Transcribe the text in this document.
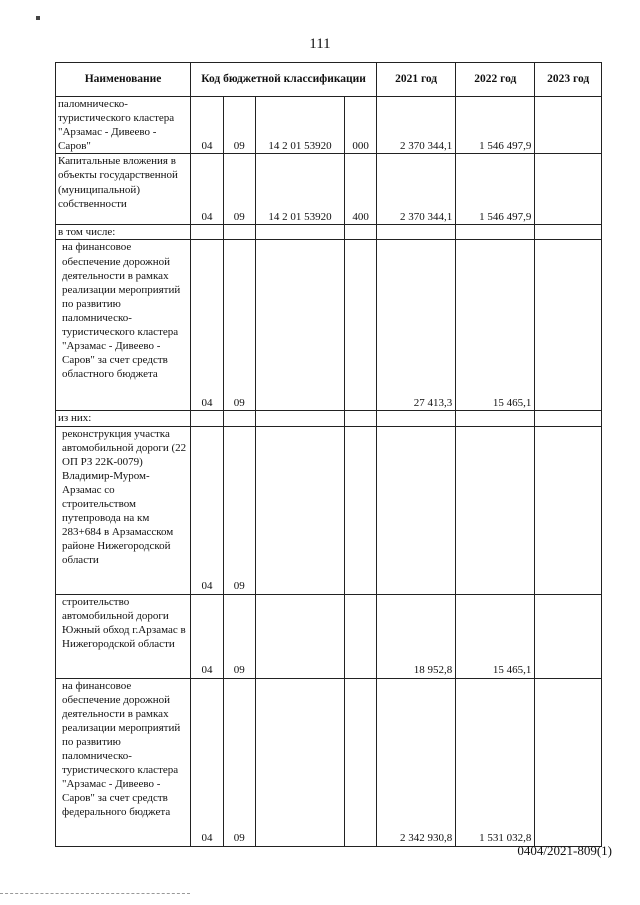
111
Наименование	Код бюджетной классификации				2021 год	2022 год	2023 год
паломническо-туристического кластера "Арзамас - Дивеево - Саров"	04	09	14 2 01 53920	000	2 370 344,1	1 546 497,9	
Капитальные вложения в объекты государственной (муниципальной) собственности	04	09	14 2 01 53920	400	2 370 344,1	1 546 497,9	
в том числе:							
на финансовое обеспечение дорожной деятельности в рамках реализации мероприятий по развитию паломническо-туристического кластера "Арзамас - Дивеево - Саров" за счет средств областного бюджета	04	09			27 413,3	15 465,1	
из них:							
реконструкция участка автомобильной дороги (22 ОП РЗ 22К-0079) Владимир-Муром-Арзамас со строительством путепровода на км 283+684 в Арзамасском районе Нижегородской области	04	09					
строительство автомобильной дороги Южный обход г.Арзамас в Нижегородской области	04	09			18 952,8	15 465,1	
на финансовое обеспечение дорожной деятельности в рамках реализации мероприятий по развитию паломническо-туристического кластера "Арзамас - Дивеево - Саров" за счет средств федерального бюджета	04	09			2 342 930,8	1 531 032,8	
0404/2021-809(1)
